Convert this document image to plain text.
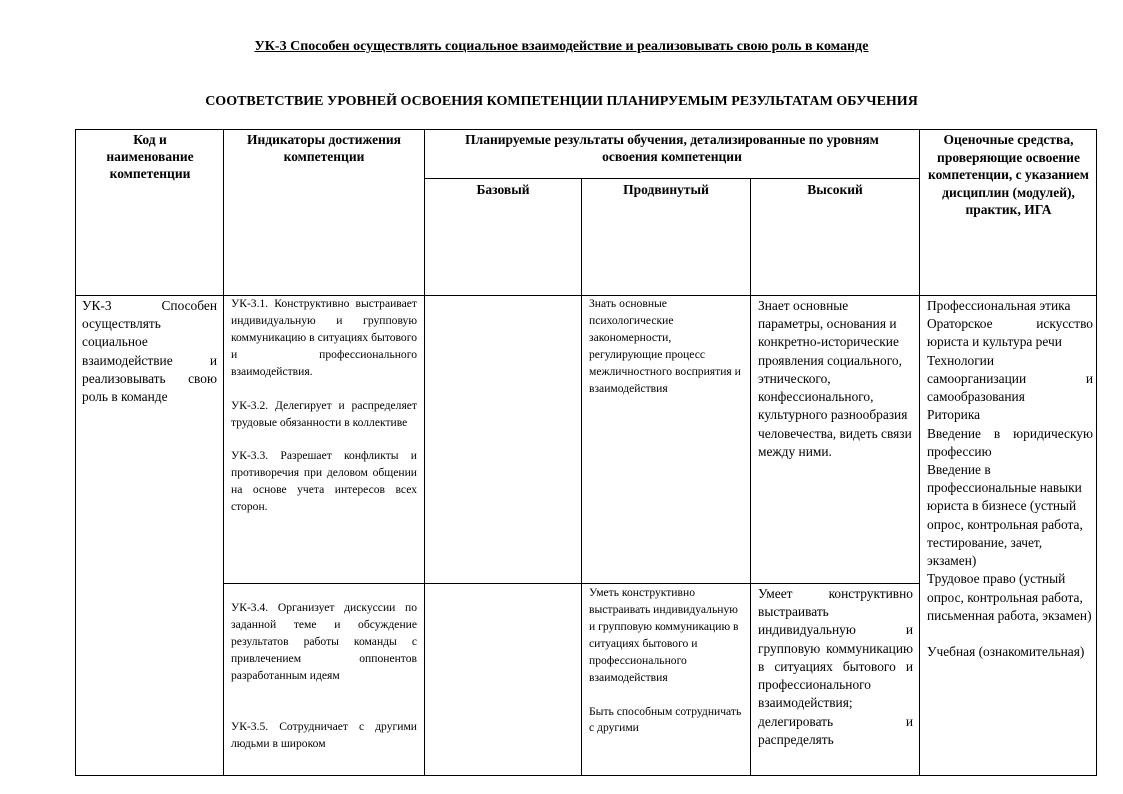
УК-3 Способен осуществлять социальное взаимодействие и реализовывать свою роль в команде
СООТВЕТСТВИЕ УРОВНЕЙ ОСВОЕНИЯ КОМПЕТЕНЦИИ ПЛАНИРУЕМЫМ РЕЗУЛЬТАТАМ ОБУЧЕНИЯ
Код и наименование компетенции
Индикаторы достижения компетенции
Планируемые результаты обучения, детализированные по уровням освоения компетенции
Базовый	Продвинутый	Высокий
Оценочные средства, проверяющие освоение компетенции, с указанием дисциплин (модулей), практик, ИГА
УК-3 Способен осуществлять социальное взаимодействие и реализовывать свою роль в команде
УК-3.1. Конструктивно выстраивает индивидуальную и групповую коммуникацию в ситуациях бытового и профессионального взаимодействия.
УК-3.2. Делегирует и распределяет трудовые обязанности в коллективе
УК-3.3. Разрешает конфликты и противоречия при деловом общении на основе учета интересов всех сторон.
УК-3.4. Организует дискуссии по заданной теме и обсуждение результатов работы команды с привлечением оппонентов разработанным идеям
УК-3.5. Сотрудничает с другими людьми в широком
Знать основные психологические закономерности, регулирующие процесс межличностного восприятия и взаимодействия
Уметь конструктивно выстраивать индивидуальную и групповую коммуникацию в ситуациях бытового и профессионального взаимодействия
Быть способным сотрудничать с другими
Знает основные параметры, основания и конкретно-исторические проявления социального, этнического, конфессионального, культурного разнообразия человечества, видеть связи между ними.
Умеет конструктивно выстраивать индивидуальную и групповую коммуникацию в ситуациях бытового и профессионального взаимодействия; делегировать и распределять
Профессиональная этика
Ораторское искусство юриста и культура речи
Технологии самоорганизации и самообразования
Риторика
Введение в юридическую профессию
Введение в профессиональные навыки юриста в бизнесе (устный опрос, контрольная работа, тестирование, зачет, экзамен)
Трудовое право (устный опрос, контрольная работа, письменная работа, экзамен)
Учебная (ознакомительная)
